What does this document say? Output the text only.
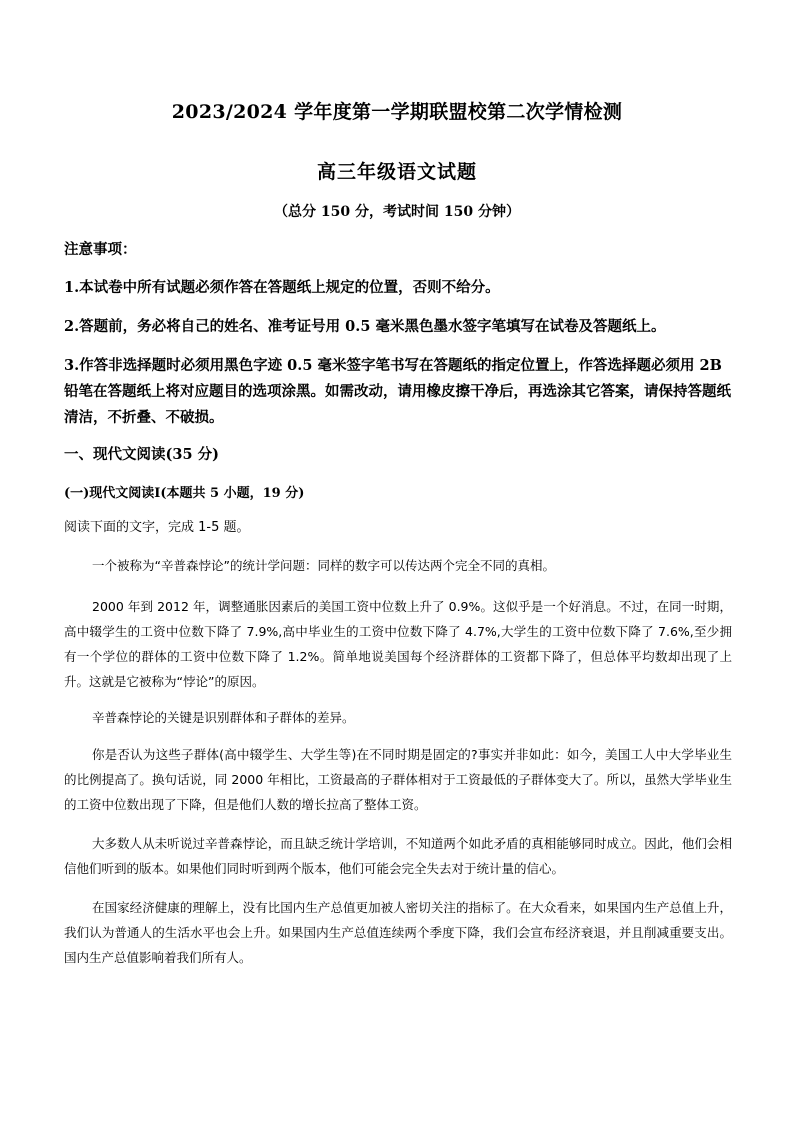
2023/2024 学年度第一学期联盟校第二次学情检测
高三年级语文试题
（总分 150 分，考试时间 150 分钟）
注意事项：
1.本试卷中所有试题必须作答在答题纸上规定的位置，否则不给分。
2.答题前，务必将自己的姓名、准考证号用 0.5 毫米黑色墨水签字笔填写在试卷及答题纸上。
3.作答非选择题时必须用黑色字迹 0.5 毫米签字笔书写在答题纸的指定位置上，作答选择题必须用 2B 铅笔在答题纸上将对应题目的选项涂黑。如需改动，请用橡皮擦干净后，再选涂其它答案，请保持答题纸清洁，不折叠、不破损。
一、现代文阅读(35 分)
(一)现代文阅读Ⅰ(本题共 5 小题，19 分)
阅读下面的文字，完成 1-5 题。
一个被称为“辛普森悖论”的统计学问题：同样的数字可以传达两个完全不同的真相。
2000 年到 2012 年，调整通胀因素后的美国工资中位数上升了 0.9%。这似乎是一个好消息。不过，在同一时期，高中辍学生的工资中位数下降了 7.9%,高中毕业生的工资中位数下降了 4.7%,大学生的工资中位数下降了 7.6%,至少拥有一个学位的群体的工资中位数下降了 1.2%。简单地说美国每个经济群体的工资都下降了，但总体平均数却出现了上升。这就是它被称为“悖论”的原因。
辛普森悖论的关键是识别群体和子群体的差异。
你是否认为这些子群体(高中辍学生、大学生等)在不同时期是固定的?事实并非如此：如今，美国工人中大学毕业生的比例提高了。换句话说，同 2000 年相比，工资最高的子群体相对于工资最低的子群体变大了。所以，虽然大学毕业生的工资中位数出现了下降，但是他们人数的增长拉高了整体工资。
大多数人从未听说过辛普森悖论，而且缺乏统计学培训，不知道两个如此矛盾的真相能够同时成立。因此，他们会相信他们听到的版本。如果他们同时听到两个版本，他们可能会完全失去对于统计量的信心。
在国家经济健康的理解上，没有比国内生产总值更加被人密切关注的指标了。在大众看来，如果国内生产总值上升，我们认为普通人的生活水平也会上升。如果国内生产总值连续两个季度下降，我们会宣布经济衰退，并且削减重要支出。国内生产总值影响着我们所有人。
